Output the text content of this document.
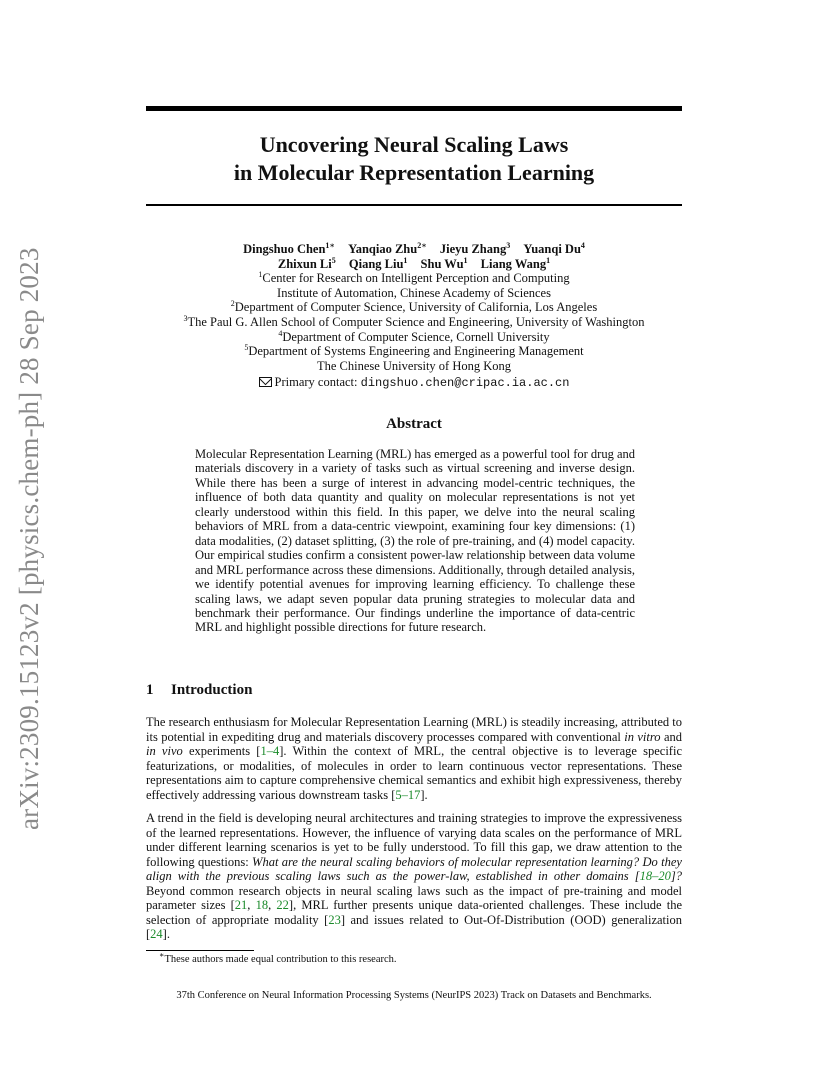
arXiv:2309.15123v2 [physics.chem-ph] 28 Sep 2023
Uncovering Neural Scaling Laws
in Molecular Representation Learning
Dingshuo Chen$^{1∗}$ Yanqiao Zhu$^{2∗}$ Jieyu Zhang$^3$ Yuanqi Du$^4$
Zhixun Li$^5$ Qiang Liu$^1$ Shu Wu$^1$ Liang Wang$^1$
$^1$Center for Research on Intelligent Perception and Computing
Institute of Automation, Chinese Academy of Sciences
$^2$Department of Computer Science, University of California, Los Angeles
$^3$The Paul G. Allen School of Computer Science and Engineering, University of Washington
$^4$Department of Computer Science, Cornell University
$^5$Department of Systems Engineering and Engineering Management
The Chinese University of Hong Kong
Primary contact: dingshuo.chen@cripac.ia.ac.cn
Abstract
Molecular Representation Learning (MRL) has emerged as a powerful tool for drug and materials discovery in a variety of tasks such as virtual screening and inverse design. While there has been a surge of interest in advancing model-centric techniques, the influence of both data quantity and quality on molecular representations is not yet clearly understood within this field. In this paper, we delve into the neural scaling behaviors of MRL from a data-centric viewpoint, examining four key dimensions: (1) data modalities, (2) dataset splitting, (3) the role of pre-training, and (4) model capacity. Our empirical studies confirm a consistent power-law relationship between data volume and MRL performance across these dimensions. Additionally, through detailed analysis, we identify potential avenues for improving learning efficiency. To challenge these scaling laws, we adapt seven popular data pruning strategies to molecular data and benchmark their performance. Our findings underline the importance of data-centric MRL and highlight possible directions for future research.
1 Introduction

The research enthusiasm for Molecular Representation Learning (MRL) is steadily increasing, attributed to its potential in expediting drug and materials discovery processes compared with conventional in vitro and in vivo experiments [1–4]. Within the context of MRL, the central objective is to leverage specific featurizations, or modalities, of molecules in order to learn continuous vector representations. These representations aim to capture comprehensive chemical semantics and exhibit high expressiveness, thereby effectively addressing various downstream tasks [5–17].

A trend in the field is developing neural architectures and training strategies to improve the expressiveness of the learned representations. However, the influence of varying data scales on the performance of MRL under different learning scenarios is yet to be fully understood. To fill this gap, we draw attention to the following questions: What are the neural scaling behaviors of molecular representation learning? Do they align with the previous scaling laws such as the power-law, established in other domains [18–20]? Beyond common research objects in neural scaling laws such as the impact of pre-training and model parameter sizes [21, 18, 22], MRL further presents unique data-oriented challenges. These include the selection of appropriate modality [23] and issues related to Out-Of-Distribution (OOD) generalization [24].

∗These authors made equal contribution to this research.
37th Conference on Neural Information Processing Systems (NeurIPS 2023) Track on Datasets and Benchmarks.
